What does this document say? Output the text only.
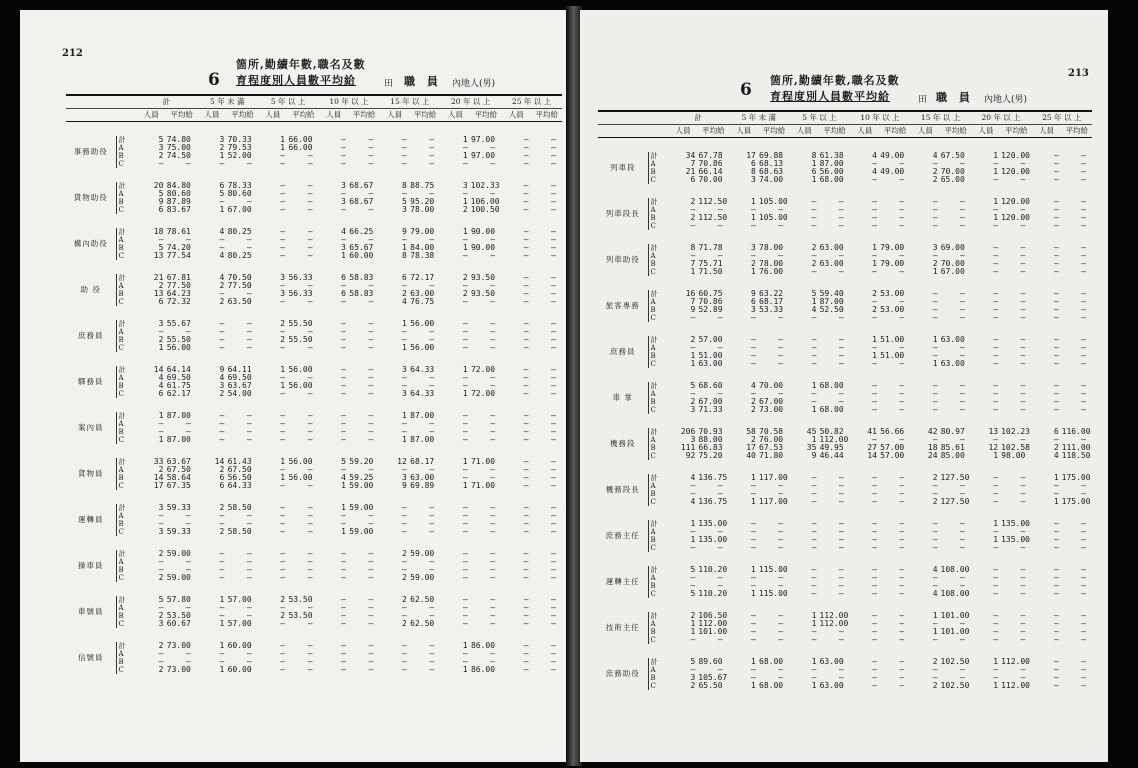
212
6
箇所,勤續年數,職名及數
育程度別人員數平均給	田 職 員 內地人(男)
		計		5 年 未 滿		5 年 以 上		10 年 以 上		15 年 以 上		20 年 以 上		25 年 以 上	
		人員	平均給	人員	平均給	人員	平均給	人員	平均給	人員	平均給	人員	平均給	人員	平均給

事務助役	計	5	74.80	3	70.33	1	66.00	—	—	—	—	1	97.00	—	—
	A	3	75.00	2	79.53	1	66.00	—	—	—	—	—	—	—	—
	B	2	74.50	1	52.00	—	—	—	—	—	—	1	97.00	—	—
	C	—	—	—	—	—	—	—	—	—	—	—	—	—	—

貨物助役	計	20	84.80	6	78.33	—	—	3	68.67	8	88.75	3	102.33	—	—
	A	5	80.60	5	80.60	—	—	—	—	—	—	—	—	—	—
	B	9	87.89	—	—	—	—	3	68.67	5	95.20	1	106.00	—	—
	C	6	83.67	1	67.00	—	—	—	—	3	78.00	2	100.50	—	—

構內助役	計	18	78.61	4	80.25	—	—	4	66.25	9	79.00	1	90.00	—	—
	A	—	—	—	—	—	—	—	—	—	—	—	—	—	—
	B	5	74.20	—	—	—	—	3	65.67	1	84.00	1	90.00	—	—
	C	13	77.54	4	80.25	—	—	1	60.00	8	78.38	—	—	—	—

助 役	計	21	67.81	4	70.50	3	56.33	6	58.83	6	72.17	2	93.50	—	—
	A	2	77.50	2	77.50	—	—	—	—	—	—	—	—	—	—
	B	13	64.23	—	—	3	56.33	6	58.83	2	63.00	2	93.50	—	—
	C	6	72.32	2	63.50	—	—	—	—	4	76.75	—	—	—	—

庶務員	計	3	55.67	—	—	2	55.50	—	—	1	56.00	—	—	—	—
	A	—	—	—	—	—	—	—	—	—	—	—	—	—	—
	B	2	55.50	—	—	2	55.50	—	—	—	—	—	—	—	—
	C	1	56.00	—	—	—	—	—	—	1	56.00	—	—	—	—

驛務員	計	14	64.14	9	64.11	1	56.00	—	—	3	64.33	1	72.00	—	—
	A	4	69.50	4	69.50	—	—	—	—	—	—	—	—	—	—
	B	4	61.75	3	63.67	1	56.00	—	—	—	—	—	—	—	—
	C	6	62.17	2	54.00	—	—	—	—	3	64.33	1	72.00	—	—

案內員	計	1	87.00	—	—	—	—	—	—	1	87.00	—	—	—	—
	A	—	—	—	—	—	—	—	—	—	—	—	—	—	—
	B	—	—	—	—	—	—	—	—	—	—	—	—	—	—
	C	1	87.00	—	—	—	—	—	—	1	87.00	—	—	—	—

貨物員	計	33	63.67	14	61.43	1	56.00	5	59.20	12	68.17	1	71.00	—	—
	A	2	67.50	2	67.50	—	—	—	—	—	—	—	—	—	—
	B	14	58.64	6	56.50	1	56.00	4	59.25	3	63.00	—	—	—	—
	C	17	67.35	6	64.33	—	—	1	59.00	9	69.89	1	71.00	—	—

運轉員	計	3	59.33	2	58.50	—	—	1	59.00	—	—	—	—	—	—
	A	—	—	—	—	—	—	—	—	—	—	—	—	—	—
	B	—	—	—	—	—	—	—	—	—	—	—	—	—	—
	C	3	59.33	2	58.50	—	—	1	59.00	—	—	—	—	—	—

操車員	計	2	59.00	—	—	—	—	—	—	2	59.00	—	—	—	—
	A	—	—	—	—	—	—	—	—	—	—	—	—	—	—
	B	—	—	—	—	—	—	—	—	—	—	—	—	—	—
	C	2	59.00	—	—	—	—	—	—	2	59.00	—	—	—	—

車號員	計	5	57.80	1	57.00	2	53.50	—	—	2	62.50	—	—	—	—
	A	—	—	—	—	—	—	—	—	—	—	—	—	—	—
	B	2	53.50	—	—	2	53.50	—	—	—	—	—	—	—	—
	C	3	60.67	1	57.00	—	—	—	—	2	62.50	—	—	—	—

信號員	計	2	73.00	1	60.00	—	—	—	—	—	—	1	86.00	—	—
	A	—	—	—	—	—	—	—	—	—	—	—	—	—	—
	B	—	—	—	—	—	—	—	—	—	—	—	—	—	—
	C	2	73.00	1	60.00	—	—	—	—	—	—	1	86.00	—	—
213
6 箇所,勤續年數,職名及數
育程度別人員數平均給	田 職 員 內地人(男)
		計		5 年 未 滿		5 年 以 上		10 年 以 上		15 年 以 上		20 年 以 上		25 年 以 上	
		人員	平均給	人員	平均給	人員	平均給	人員	平均給	人員	平均給	人員	平均給	人員	平均給

列車段	計	34	67.78	17	69.88	8	61.38	4	49.00	4	67.50	1	120.00	—	—
	A	7	70.86	6	68.13	1	87.00	—	—	—	—	—	—	—	—
	B	21	66.14	8	68.63	6	56.00	4	49.00	2	70.00	1	120.00	—	—
	C	6	70.00	3	74.00	1	68.00	—	—	2	65.00	—	—	—	—

列車段長	計	2	112.50	1	105.00	—	—	—	—	—	—	1	120.00	—	—
	A	—	—	—	—	—	—	—	—	—	—	—	—	—	—
	B	2	112.50	1	105.00	—	—	—	—	—	—	1	120.00	—	—
	C	—	—	—	—	—	—	—	—	—	—	—	—	—	—

列車助役	計	8	71.78	3	78.00	2	63.00	1	79.00	3	69.00	—	—	—	—
	A	—	—	—	—	—	—	—	—	—	—	—	—	—	—
	B	7	75.71	2	78.00	2	63.00	1	79.00	2	70.00	—	—	—	—
	C	1	71.50	1	76.00	—	—	—	—	1	67.00	—	—	—	—

旅客專務	計	16	60.75	9	63.22	5	59.40	2	53.00	—	—	—	—	—	—
	A	7	70.86	6	68.17	1	87.00	—	—	—	—	—	—	—	—
	B	9	52.89	3	53.33	4	52.50	2	53.00	—	—	—	—	—	—
	C	—	—	—	—	—	—	—	—	—	—	—	—	—	—

庶務員	計	2	57.00	—	—	—	—	1	51.00	1	63.00	—	—	—	—
	A	—	—	—	—	—	—	—	—	—	—	—	—	—	—
	B	1	51.00	—	—	—	—	1	51.00	—	—	—	—	—	—
	C	1	63.00	—	—	—	—	—	—	1	63.00	—	—	—	—

車 掌	計	5	68.60	4	70.00	1	68.00	—	—	—	—	—	—	—	—
	A	—	—	—	—	—	—	—	—	—	—	—	—	—	—
	B	2	67.00	2	67.00	—	—	—	—	—	—	—	—	—	—
	C	3	71.33	2	73.00	1	68.00	—	—	—	—	—	—	—	—

機務段	計	206	70.93	58	70.58	45	50.82	41	56.66	42	80.97	13	102.23	6	116.00
	A	3	88.00	2	76.00	1	112.00	—	—	—	—	—	—	—	—
	B	111	66.83	17	67.53	35	49.95	27	57.00	18	85.61	12	102.58	2	111.00
	C	92	75.20	40	71.80	9	46.44	14	57.00	24	85.00	1	98.00	4	118.50

機務段長	計	4	136.75	1	117.00	—	—	—	—	2	127.50	—	—	1	175.00
	A	—	—	—	—	—	—	—	—	—	—	—	—	—	—
	B	—	—	—	—	—	—	—	—	—	—	—	—	—	—
	C	4	136.75	1	117.00	—	—	—	—	2	127.50	—	—	1	175.00

庶務主任	計	1	135.00	—	—	—	—	—	—	—	—	1	135.00	—	—
	A	—	—	—	—	—	—	—	—	—	—	—	—	—	—
	B	1	135.00	—	—	—	—	—	—	—	—	1	135.00	—	—
	C	—	—	—	—	—	—	—	—	—	—	—	—	—	—

運轉主任	計	5	110.20	1	115.00	—	—	—	—	4	108.00	—	—	—	—
	A	—	—	—	—	—	—	—	—	—	—	—	—	—	—
	B	—	—	—	—	—	—	—	—	—	—	—	—	—	—
	C	5	110.20	1	115.00	—	—	—	—	4	108.00	—	—	—	—

技術主任	計	2	106.50	—	—	1	112.00	—	—	1	101.00	—	—	—	—
	A	1	112.00	—	—	1	112.00	—	—	—	—	—	—	—	—
	B	1	101.00	—	—	—	—	—	—	1	101.00	—	—	—	—
	C	—	—	—	—	—	—	—	—	—	—	—	—	—	—

庶務助役	計	5	89.60	1	68.00	1	63.00	—	—	2	102.50	1	112.00	—	—
	A	—	—	—	—	—	—	—	—	—	—	—	—	—	—
	B	3	105.67	—	—	—	—	—	—	—	—	—	—	—	—
	C	2	65.50	1	68.00	1	63.00	—	—	2	102.50	1	112.00	—	—
